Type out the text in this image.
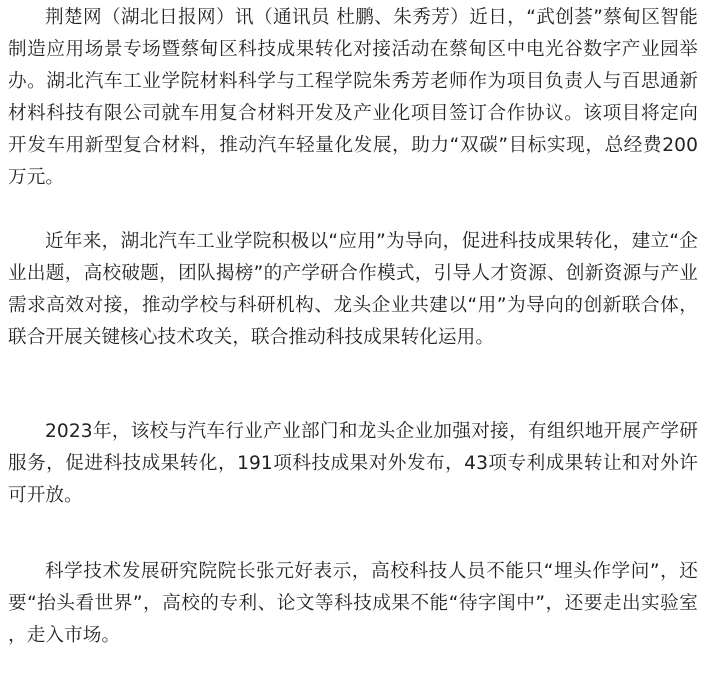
荆楚网（湖北日报网）讯（通讯员 杜鹏、朱秀芳）近日，“武创荟”蔡甸区智能制造应用场景专场暨蔡甸区科技成果转化对接活动在蔡甸区中电光谷数字产业园举办。湖北汽车工业学院材料科学与工程学院朱秀芳老师作为项目负责人与百思通新材料科技有限公司就车用复合材料开发及产业化项目签订合作协议。该项目将定向开发车用新型复合材料，推动汽车轻量化发展，助力“双碳”目标实现，总经费200万元。

近年来，湖北汽车工业学院积极以“应用”为导向，促进科技成果转化，建立“企业出题，高校破题，团队揭榜”的产学研合作模式，引导人才资源、创新资源与产业需求高效对接，推动学校与科研机构、龙头企业共建以“用”为导向的创新联合体，联合开展关键核心技术攻关，联合推动科技成果转化运用。

2023年，该校与汽车行业产业部门和龙头企业加强对接，有组织地开展产学研服务，促进科技成果转化，191项科技成果对外发布，43项专利成果转让和对外许可开放。

科学技术发展研究院院长张元好表示，高校科技人员不能只“埋头作学问”，还要“抬头看世界”，高校的专利、论文等科技成果不能“待字闺中”，还要走出实验室，走入市场。
